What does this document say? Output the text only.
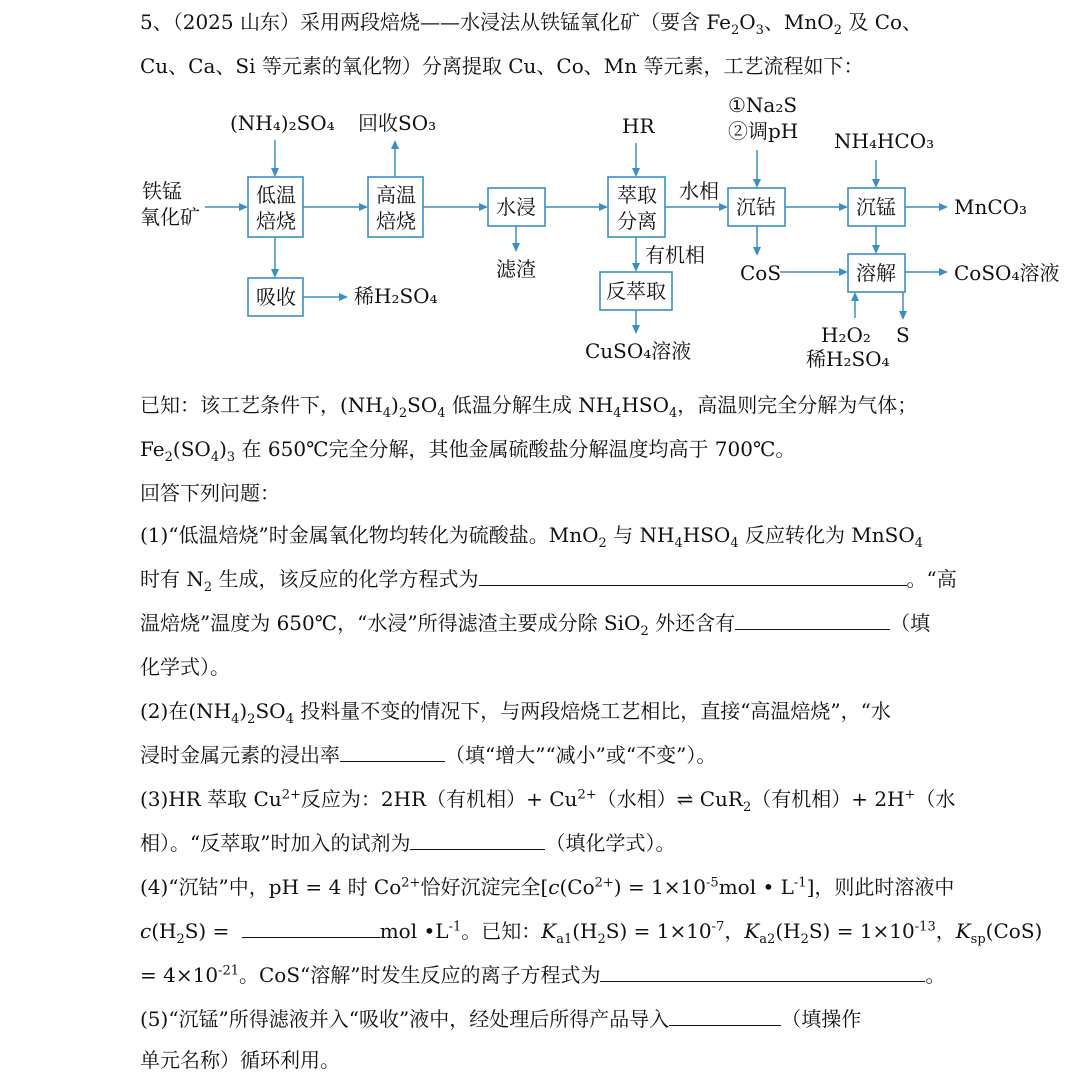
5、（2025 山东）采用两段焙烧——水浸法从铁锰氧化矿（要含 $Fe_2O_3$、MnO$_2$ 及 Co、
Cu、Ca、Si 等元素的氧化物）分离提取 Cu、Co、Mn 等元素，工艺流程如下：
铁锰
氧化矿
低温
焙烧
高温
焙烧
水浸	萃取
分离
沉钴	沉锰
吸收	反萃取
溶解
(NH₄)₂SO₄ 回收SO₃	HR
①Na₂S
②调pH NH₄HCO₃
水相
有机相
滤渣
稀H₂SO₄
CuSO₄溶液
CoS
MnCO₃
CoSO₄溶液
H₂O₂
稀H₂SO₄
S
已知：该工艺条件下，$(NH_4)_2SO_4$ 低温分解生成 $NH_4HSO_4$，高温则完全分解为气体；
$Fe_2(SO_4)_3$ 在 650℃完全分解，其他金属硫酸盐分解温度均高于 700℃。
回答下列问题：
(1)“低温焙烧”时金属氧化物均转化为硫酸盐。MnO$_2$ 与 $NH_4HSO_4$ 反应转化为 MnSO$_4$
时有 $N_2$ 生成，该反应的化学方程式为	。“高
温焙烧”温度为 650℃，“水浸”所得滤渣主要成分除 SiO$_2$ 外还含有	（填
化学式）。
(2)在$(NH_4)_2SO_4$ 投料量不变的情况下，与两段焙烧工艺相比，直接“高温焙烧”，“水
浸时金属元素的浸出率	（填“增大”“减小”或“不变”）。
(3)HR 萃取 $Cu^{2+}$反应为：2HR（有机相）+ $Cu^{2+}$（水相）⇌ CuR$_2$（有机相）+ 2H+（水
相）。“反萃取”时加入的试剂为	（填化学式）。
(4)“沉钴”中，pH = 4 时 $Co^{2+}$恰好沉淀完全[$c(Co^{2+}) = 1\times 10^{-5}mol$ • $L^{-1}$]，则此时溶液中
$c(H_2S)$ =	mol $•L^{-1}$。已知：$K_{a1}(H_2S) = 1\times 10^{-7}$，$K_{a2}(H_2S) = 1\times 10^{-13}$，$K_{sp}(CoS)$
= $4\times 10^{-21}$。CoS“溶解”时发生反应的离子方程式为	。
(5)“沉锰”所得滤液并入“吸收”液中，经处理后所得产品导入	（填操作
单元名称）循环利用。
